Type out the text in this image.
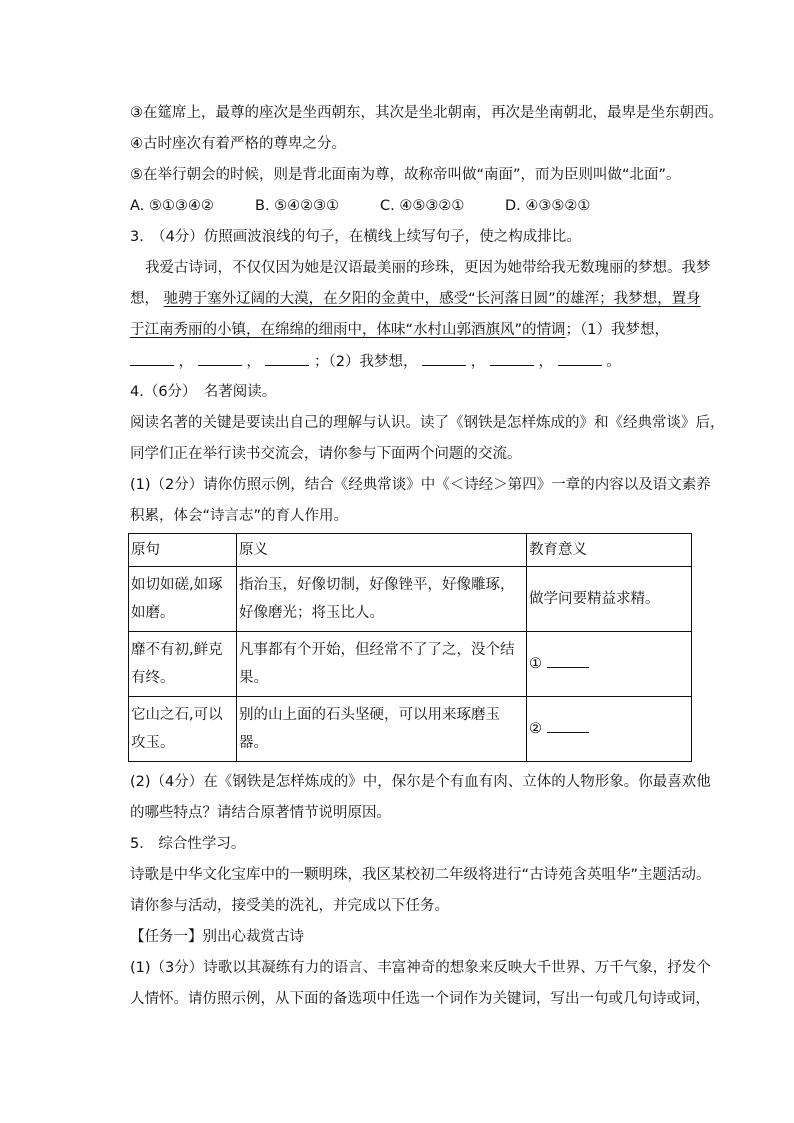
③在筵席上，最尊的座次是坐西朝东，其次是坐北朝南，再次是坐南朝北，最卑是坐东朝西。
④古时座次有着严格的尊卑之分。
⑤在举行朝会的时候，则是背北面南为尊，故称帝叫做“南面”，而为臣则叫做“北面”。
A. ⑤①③④②	B. ⑤④②③①	C. ④⑤③②①	D. ④③⑤②①
3.　（4分）仿照画波浪线的句子，在横线上续写句子，使之构成排比。
我爱古诗词，不仅仅因为她是汉语最美丽的珍珠，更因为她带给我无数瑰丽的梦想。我梦
想， 驰骋于塞外辽阔的大漠，在夕阳的金黄中，感受“长河落日圆”的雄浑；我梦想，置身
于江南秀丽的小镇，在绵绵的细雨中，体味“水村山郭酒旗风”的情调；（1）我梦想，
，	，	；（2）我梦想，	，	，	。
4.（6分）　名著阅读。
阅读名著的关键是要读出自己的理解与认识。读了《钢铁是怎样炼成的》和《经典常谈》后，
同学们正在举行读书交流会，请你参与下面两个问题的交流。
(1)（2分）请你仿照示例，结合《经典常谈》中《＜诗经＞第四》一章的内容以及语文素养
积累，体会“诗言志”的育人作用。
原句	原义	教育意义
如切如磋,如琢如磨。	指治玉，好像切制，好像锉平，好像雕琢，好像磨光；将玉比人。	做学问要精益求精。
靡不有初,鲜克有终。	凡事都有个开始，但经常不了了之，没个结果。	①
它山之石,可以攻玉。	别的山上面的石头坚硬，可以用来琢磨玉器。	②
(2)（4分）在《钢铁是怎样炼成的》中，保尔是个有血有肉、立体的人物形象。你最喜欢他
的哪些特点？请结合原著情节说明原因。
5.　综合性学习。
诗歌是中华文化宝库中的一颗明珠，我区某校初二年级将进行“古诗苑含英咀华”主题活动。
请你参与活动，接受美的洗礼，并完成以下任务。
【任务一】别出心裁赏古诗
(1)（3分）诗歌以其凝练有力的语言、丰富神奇的想象来反映大千世界、万千气象，抒发个
人情怀。请仿照示例，从下面的备选项中任选一个词作为关键词，写出一句或几句诗或词，
